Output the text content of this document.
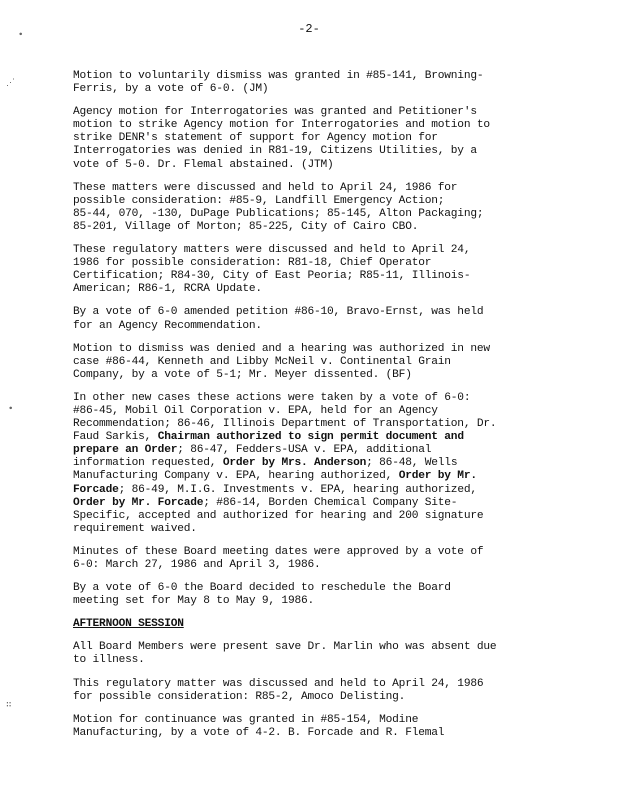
-2-
Motion to voluntarily dismiss was granted in #85-141, Browning-
Ferris, by a vote of 6-0. (JM)
Agency motion for Interrogatories was granted and Petitioner's
motion to strike Agency motion for Interrogatories and motion to
strike DENR's statement of support for Agency motion for
Interrogatories was denied in R81-19, Citizens Utilities, by a
vote of 5-0. Dr. Flemal abstained. (JTM)
These matters were discussed and held to April 24, 1986 for
possible consideration: #85-9, Landfill Emergency Action;
85-44, 070, -130, DuPage Publications; 85-145, Alton Packaging;
85-201, Village of Morton; 85-225, City of Cairo CBO.
These regulatory matters were discussed and held to April 24,
1986 for possible consideration: R81-18, Chief Operator
Certification; R84-30, City of East Peoria; R85-11, Illinois-
American; R86-1, RCRA Update.
By a vote of 6-0 amended petition #86-10, Bravo-Ernst, was held
for an Agency Recommendation.
Motion to dismiss was denied and a hearing was authorized in new
case #86-44, Kenneth and Libby McNeil v. Continental Grain
Company, by a vote of 5-1; Mr. Meyer dissented. (BF)
In other new cases these actions were taken by a vote of 6-0:
#86-45, Mobil Oil Corporation v. EPA, held for an Agency
Recommendation; 86-46, Illinois Department of Transportation, Dr.
Faud Sarkis, Chairman authorized to sign permit document and
prepare an Order; 86-47, Fedders-USA v. EPA, additional
information requested, Order by Mrs. Anderson; 86-48, Wells
Manufacturing Company v. EPA, hearing authorized, Order by Mr.
Forcade; 86-49, M.I.G. Investments v. EPA, hearing authorized,
Order by Mr. Forcade; #86-14, Borden Chemical Company Site-
Specific, accepted and authorized for hearing and 200 signature
requirement waived.
Minutes of these Board meeting dates were approved by a vote of
6-0: March 27, 1986 and April 3, 1986.
By a vote of 6-0 the Board decided to reschedule the Board
meeting set for May 8 to May 9, 1986.
AFTERNOON SESSION
All Board Members were present save Dr. Marlin who was absent due
to illness.
This regulatory matter was discussed and held to April 24, 1986
for possible consideration: R85-2, Amoco Delisting.
Motion for continuance was granted in #85-154, Modine
Manufacturing, by a vote of 4-2. B. Forcade and R. Flemal
⋰
∙
∷
∙
